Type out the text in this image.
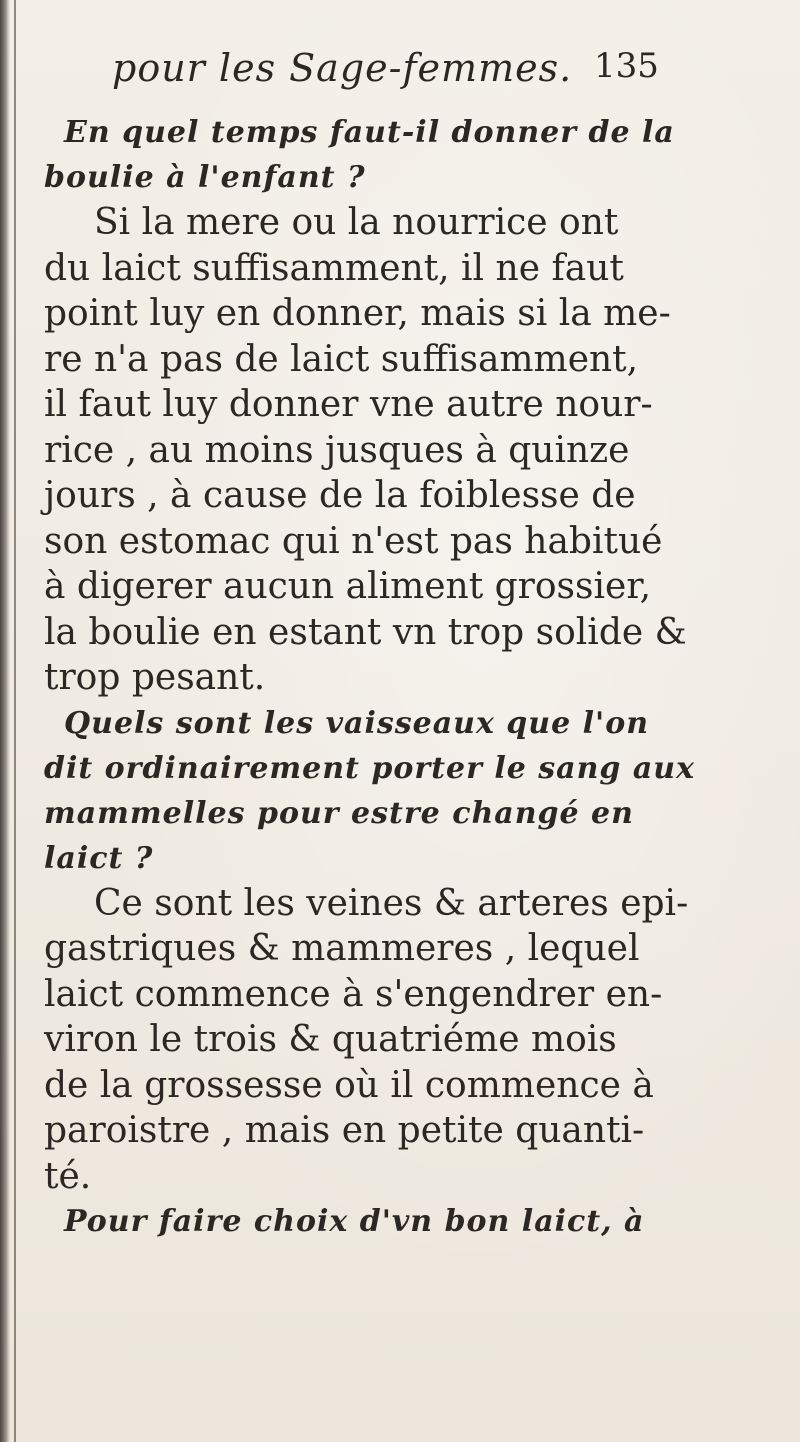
pour les Sage-femmes. 135

En quel temps faut-il donner de la
boulie à l'enfant ?

Si la mere ou la nourrice ont
du laict suffisamment, il ne faut
point luy en donner, mais si la me-
re n'a pas de laict suffisamment,
il faut luy donner vne autre nour-
rice , au moins jusques à quinze
jours , à cause de la foiblesse de
son estomac qui n'est pas habitué
à digerer aucun aliment grossier,
la boulie en estant vn trop solide &
trop pesant.

Quels sont les vaisseaux que l'on
dit ordinairement porter le sang aux
mammelles pour estre changé en
laict ?

Ce sont les veines & arteres epi-
gastriques & mammeres , lequel
laict commence à s'engendrer en-
viron le trois & quatriéme mois
de la grossesse où il commence à
paroistre , mais en petite quanti-
té.

Pour faire choix d'vn bon laict, à
